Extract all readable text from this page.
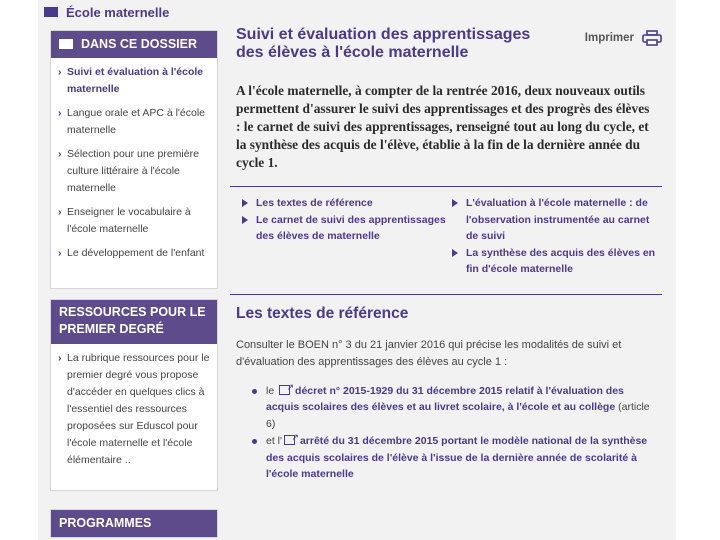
École maternelle
DANS CE DOSSIER
› Suivi et évaluation à l'école maternelle
› Langue orale et APC à l'école maternelle
› Sélection pour une première culture littéraire à l'école maternelle
› Enseigner le vocabulaire à l'école maternelle
› Le développement de l'enfant
RESSOURCES POUR LE PREMIER DEGRÉ

› La rubrique ressources pour le premier degré vous propose d'accéder en quelques clics à l'essentiel des ressources proposées sur Eduscol pour l'école maternelle et l'école élémentaire ..

PROGRAMMES
Suivi et évaluation des apprentissages des élèves à l'école maternelle
Imprimer

A l'école maternelle, à compter de la rentrée 2016, deux nouveaux outils permettent d'assurer le suivi des apprentissages et des progrès des élèves : le carnet de suivi des apprentissages, renseigné tout au long du cycle, et la synthèse des acquis de l'élève, établie à la fin de la dernière année du cycle 1.

Les textes de référence
Le carnet de suivi des apprentissages des élèves de maternelle
L'évaluation à l'école maternelle : de l'observation instrumentée au carnet de suivi
La synthèse des acquis des élèves en fin d'école maternelle
Les textes de référence

Consulter le BOEN n° 3 du 21 janvier 2016 qui précise les modalités de suivi et d'évaluation des apprentissages des élèves au cycle 1 :

le ↗ décret n° 2015-1929 du 31 décembre 2015 relatif à l'évaluation des acquis scolaires des élèves et au livret scolaire, à l'école et au collège (article 6)
et l' ↗ arrêté du 31 décembre 2015 portant le modèle national de la synthèse des acquis scolaires de l'élève à l'issue de la dernière année de scolarité à l'école maternelle
